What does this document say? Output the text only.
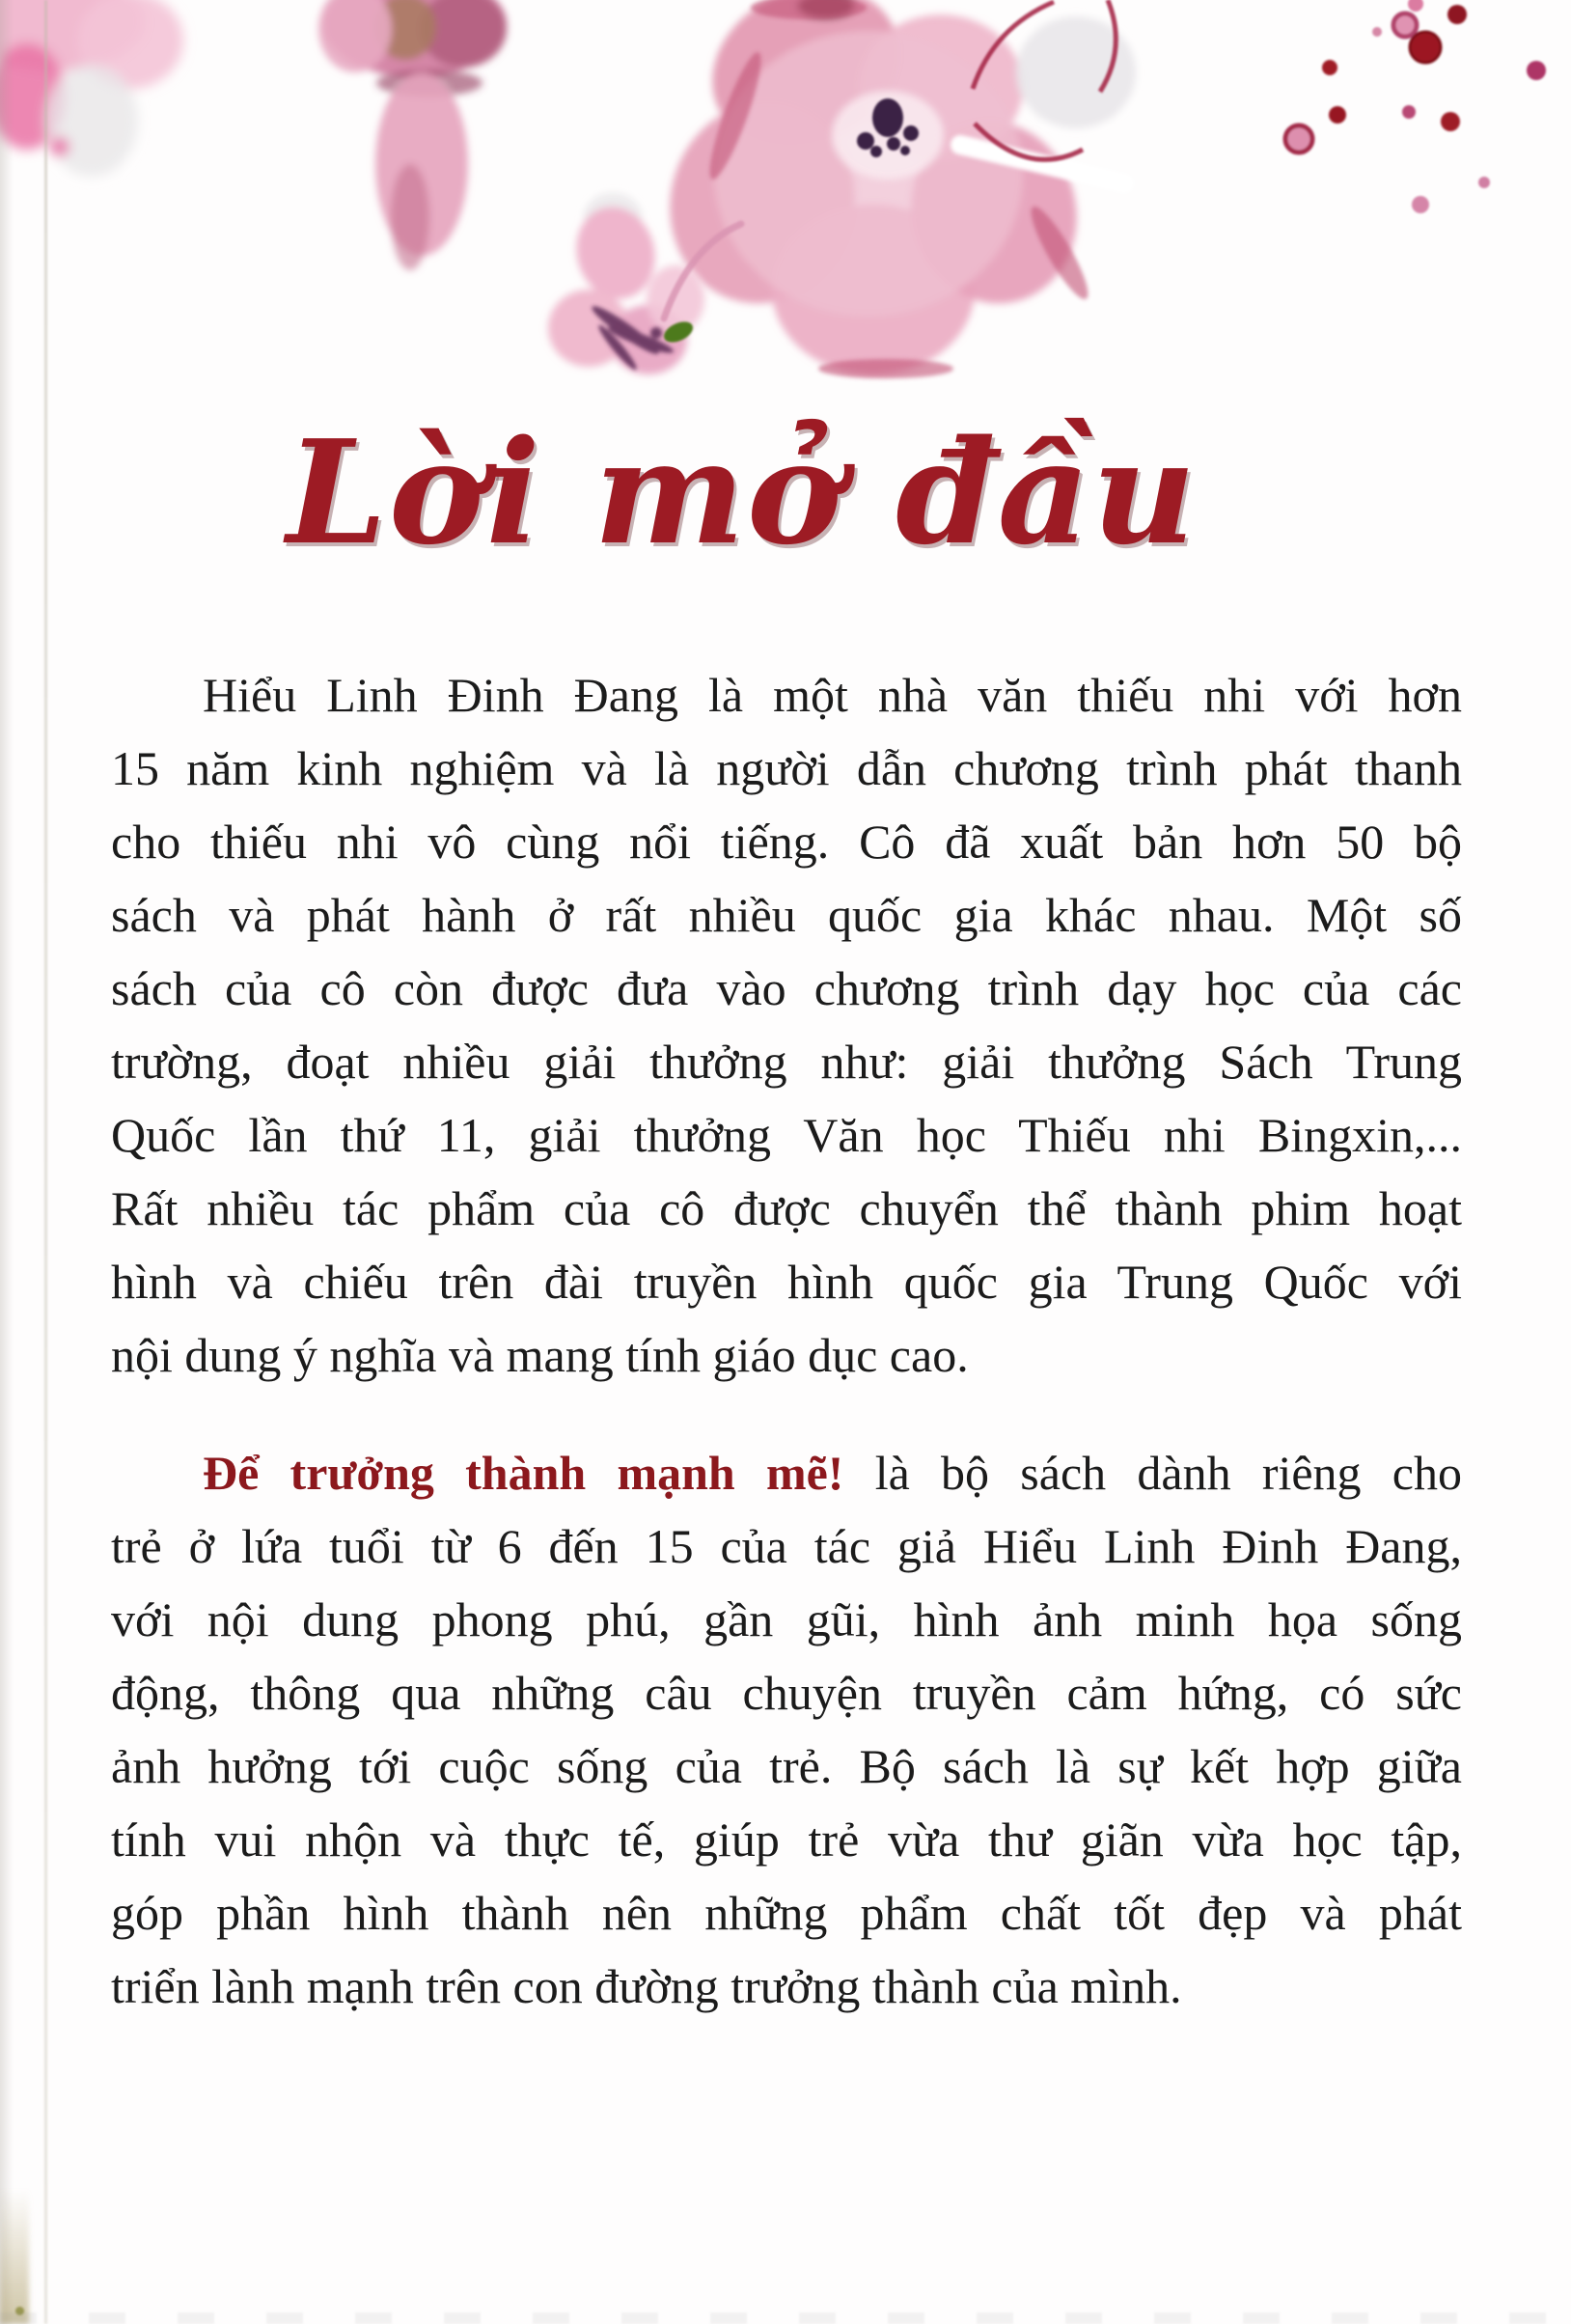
Lời mở đầu
Hiểu Linh Đinh Đang là một nhà văn thiếu nhi với hơn
15 năm kinh nghiệm và là người dẫn chương trình phát thanh
cho thiếu nhi vô cùng nổi tiếng. Cô đã xuất bản hơn 50 bộ
sách và phát hành ở rất nhiều quốc gia khác nhau. Một số
sách của cô còn được đưa vào chương trình dạy học của các
trường, đoạt nhiều giải thưởng như: giải thưởng Sách Trung
Quốc lần thứ 11, giải thưởng Văn học Thiếu nhi Bingxin,...
Rất nhiều tác phẩm của cô được chuyển thể thành phim hoạt
hình và chiếu trên đài truyền hình quốc gia Trung Quốc với
nội dung ý nghĩa và mang tính giáo dục cao.
Để trưởng thành mạnh mẽ! là bộ sách dành riêng cho
trẻ ở lứa tuổi từ 6 đến 15 của tác giả Hiểu Linh Đinh Đang,
với nội dung phong phú, gần gũi, hình ảnh minh họa sống
động, thông qua những câu chuyện truyền cảm hứng, có sức
ảnh hưởng tới cuộc sống của trẻ. Bộ sách là sự kết hợp giữa
tính vui nhộn và thực tế, giúp trẻ vừa thư giãn vừa học tập,
góp phần hình thành nên những phẩm chất tốt đẹp và phát
triển lành mạnh trên con đường trưởng thành của mình.
